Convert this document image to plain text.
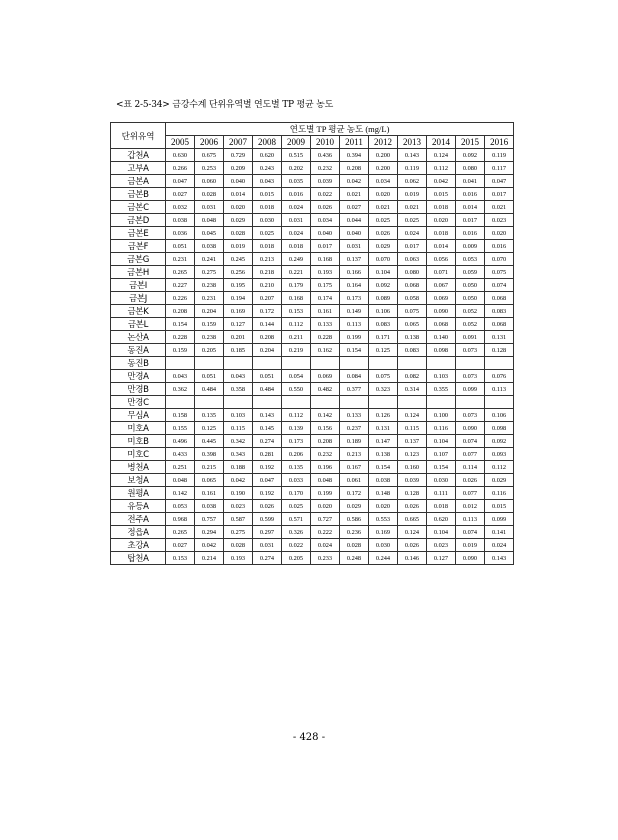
<표 2-5-34> 금강수계 단위유역별 연도별 TP 평균 농도
단위유역	연도별 TP 평균 농도 (mg/L)											
	2005	2006	2007	2008	2009	2010	2011	2012	2013	2014	2015	2016
갑천A	0.630	0.675	0.729	0.620	0.515	0.436	0.394	0.200	0.143	0.124	0.092	0.119
고부A	0.266	0.253	0.209	0.243	0.202	0.232	0.208	0.200	0.119	0.112	0.080	0.117
금본A	0.047	0.060	0.040	0.043	0.035	0.039	0.042	0.034	0.062	0.042	0.041	0.047
금본B	0.027	0.028	0.014	0.015	0.016	0.022	0.021	0.020	0.019	0.015	0.016	0.017
금본C	0.032	0.031	0.020	0.018	0.024	0.026	0.027	0.021	0.021	0.018	0.014	0.021
금본D	0.038	0.048	0.029	0.030	0.031	0.034	0.044	0.025	0.025	0.020	0.017	0.023
금본E	0.036	0.045	0.028	0.025	0.024	0.040	0.040	0.026	0.024	0.018	0.016	0.020
금본F	0.051	0.038	0.019	0.018	0.018	0.017	0.031	0.029	0.017	0.014	0.009	0.016
금본G	0.231	0.241	0.245	0.213	0.249	0.168	0.137	0.070	0.063	0.056	0.053	0.070
금본H	0.265	0.275	0.256	0.218	0.221	0.193	0.166	0.104	0.080	0.071	0.059	0.075
금본I	0.227	0.238	0.195	0.210	0.179	0.175	0.164	0.092	0.068	0.067	0.050	0.074
금본J	0.226	0.231	0.194	0.207	0.168	0.174	0.173	0.089	0.058	0.069	0.050	0.068
금본K	0.208	0.204	0.169	0.172	0.153	0.161	0.149	0.106	0.075	0.090	0.052	0.083
금본L	0.154	0.159	0.127	0.144	0.112	0.133	0.113	0.083	0.065	0.068	0.052	0.068
논산A	0.228	0.238	0.201	0.208	0.211	0.228	0.199	0.171	0.138	0.140	0.091	0.131
동진A	0.159	0.205	0.185	0.204	0.219	0.162	0.154	0.125	0.083	0.098	0.073	0.128
동진B												
만경A	0.043	0.051	0.043	0.051	0.054	0.069	0.084	0.075	0.082	0.103	0.073	0.076
만경B	0.362	0.484	0.358	0.484	0.550	0.482	0.377	0.323	0.314	0.355	0.099	0.113
만경C												
무심A	0.158	0.135	0.103	0.143	0.112	0.142	0.133	0.126	0.124	0.100	0.073	0.106
미호A	0.155	0.125	0.115	0.145	0.139	0.156	0.237	0.131	0.115	0.116	0.090	0.098
미호B	0.496	0.445	0.342	0.274	0.173	0.208	0.189	0.147	0.137	0.104	0.074	0.092
미호C	0.433	0.398	0.343	0.281	0.206	0.232	0.213	0.138	0.123	0.107	0.077	0.093
병천A	0.251	0.215	0.188	0.192	0.135	0.196	0.167	0.154	0.160	0.154	0.114	0.112
보청A	0.048	0.065	0.042	0.047	0.033	0.048	0.061	0.038	0.039	0.030	0.026	0.029
원평A	0.142	0.161	0.190	0.192	0.170	0.199	0.172	0.148	0.128	0.111	0.077	0.116
유등A	0.053	0.038	0.023	0.026	0.025	0.020	0.029	0.020	0.026	0.018	0.012	0.015
전주A	0.968	0.757	0.587	0.599	0.571	0.727	0.586	0.553	0.665	0.620	0.113	0.099
정읍A	0.265	0.294	0.275	0.297	0.326	0.222	0.236	0.169	0.124	0.104	0.074	0.141
초강A	0.027	0.042	0.028	0.031	0.022	0.024	0.028	0.030	0.026	0.023	0.019	0.024
탑천A	0.153	0.214	0.193	0.274	0.205	0.233	0.248	0.244	0.146	0.127	0.090	0.143
- 428 -
